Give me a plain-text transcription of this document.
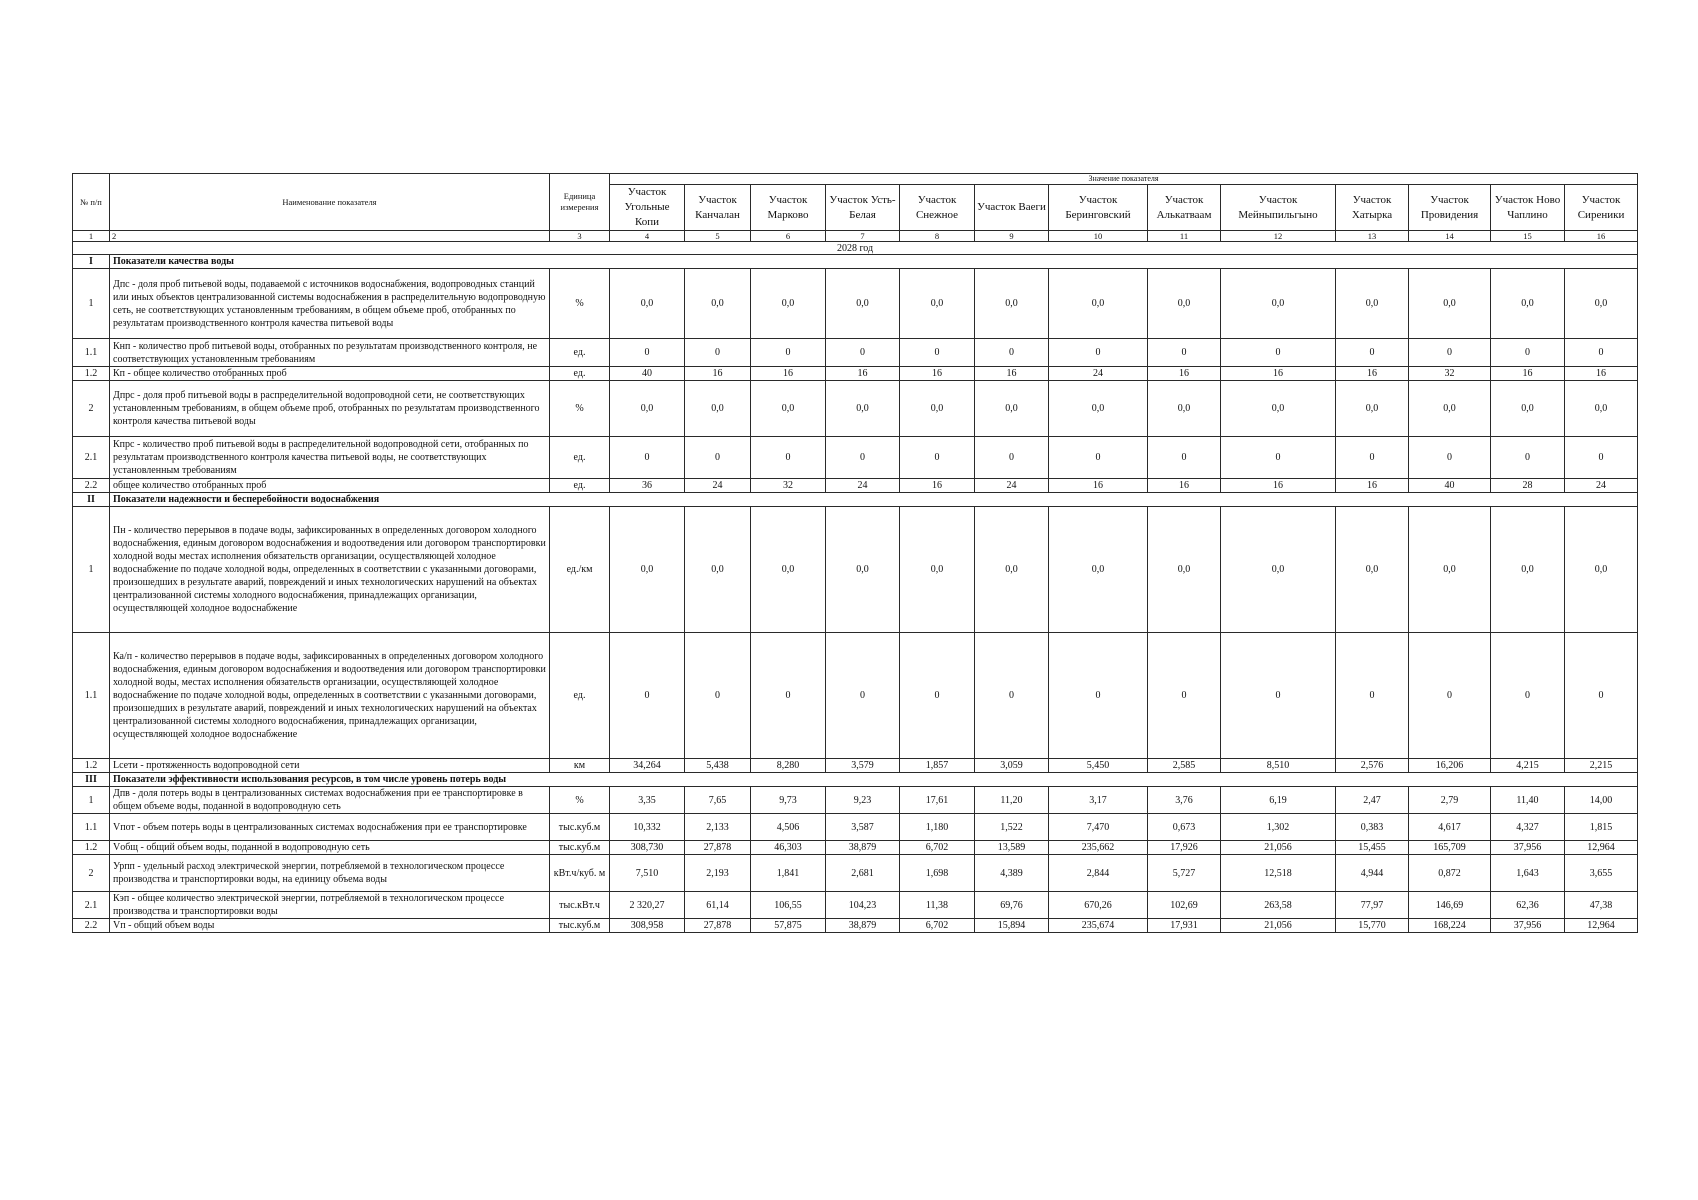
№ п/п	Наименование показателя	Единица измерения	Значение показателя												
			Участок Угольные Копи	Участок Канчалан	Участок Марково	Участок Усть-Белая	Участок Снежное	Участок Ваеги	Участок Беринговский	Участок Алькатваам	Участок Мейныпильгыно	Участок Хатырка	Участок Провидения	Участок Ново Чаплино	Участок Сиреники
1	2	3	4	5	6	7	8	9	10	11	12	13	14	15	16
2028 год															
I	Показатели качества воды														
1	Дпс - доля проб питьевой воды, подаваемой с источников водоснабжения, водопроводных станций или иных объектов централизованной системы водоснабжения в распределительную водопроводную сеть, не соответствующих установленным требованиям, в общем объеме проб, отобранных по результатам производственного контроля качества питьевой воды	%	0,0	0,0	0,0	0,0	0,0	0,0	0,0	0,0	0,0	0,0	0,0	0,0	0,0
1.1	Кнп - количество проб питьевой воды, отобранных по результатам производственного контроля, не соответствующих установленным требованиям	ед.	0	0	0	0	0	0	0	0	0	0	0	0	0
1.2	Кп - общее количество отобранных проб	ед.	40	16	16	16	16	16	24	16	16	16	32	16	16
2	Дпрс - доля проб питьевой воды в распределительной водопроводной сети, не соответствующих установленным требованиям, в общем объеме проб, отобранных по результатам производственного контроля качества питьевой воды	%	0,0	0,0	0,0	0,0	0,0	0,0	0,0	0,0	0,0	0,0	0,0	0,0	0,0
2.1	Кпрс - количество проб питьевой воды в распределительной водопроводной сети, отобранных по результатам производственного контроля качества питьевой воды, не соответствующих установленным требованиям	ед.	0	0	0	0	0	0	0	0	0	0	0	0	0
2.2	общее количество отобранных проб	ед.	36	24	32	24	16	24	16	16	16	16	40	28	24
II	Показатели надежности и бесперебойности водоснабжения														
1	Пн - количество перерывов в подаче воды, зафиксированных в определенных договором холодного водоснабжения, единым договором водоснабжения и водоотведения или договором транспортировки холодной воды местах исполнения обязательств организации, осуществляющей холодное водоснабжение по подаче холодной воды, определенных в соответствии с указанными договорами, произошедших в результате аварий, повреждений и иных технологических нарушений на объектах централизованной системы холодного водоснабжения, принадлежащих организации, осуществляющей холодное водоснабжение	ед./км	0,0	0,0	0,0	0,0	0,0	0,0	0,0	0,0	0,0	0,0	0,0	0,0	0,0
1.1	Ка/п - количество перерывов в подаче воды, зафиксированных в определенных договором холодного водоснабжения, единым договором водоснабжения и водоотведения или договором транспортировки холодной воды, местах исполнения обязательств организации, осуществляющей холодное водоснабжение по подаче холодной воды, определенных в соответствии с указанными договорами, произошедших в результате аварий, повреждений и иных технологических нарушений на объектах централизованной системы холодного водоснабжения, принадлежащих организации, осуществляющей холодное водоснабжение	ед.	0	0	0	0	0	0	0	0	0	0	0	0	0
1.2	Lсети - протяженность водопроводной сети	км	34,264	5,438	8,280	3,579	1,857	3,059	5,450	2,585	8,510	2,576	16,206	4,215	2,215
III	Показатели эффективности использования ресурсов, в том числе уровень потерь воды														
1	Дпв - доля потерь воды в централизованных системах водоснабжения при ее транспортировке в общем объеме воды, поданной в водопроводную сеть	%	3,35	7,65	9,73	9,23	17,61	11,20	3,17	3,76	6,19	2,47	2,79	11,40	14,00
1.1	Vпот - объем потерь воды в централизованных системах водоснабжения при ее транспортировке	тыс.куб.м	10,332	2,133	4,506	3,587	1,180	1,522	7,470	0,673	1,302	0,383	4,617	4,327	1,815
1.2	Vобщ - общий объем воды, поданной в водопроводную сеть	тыс.куб.м	308,730	27,878	46,303	38,879	6,702	13,589	235,662	17,926	21,056	15,455	165,709	37,956	12,964
2	Урпп - удельный расход электрической энергии, потребляемой в технологическом процессе производства и транспортировки воды, на единицу объема воды	кВт.ч/куб. м	7,510	2,193	1,841	2,681	1,698	4,389	2,844	5,727	12,518	4,944	0,872	1,643	3,655
2.1	Кэп - общее количество электрической энергии, потребляемой в технологическом процессе производства и транспортировки воды	тыс.кВт.ч	2 320,27	61,14	106,55	104,23	11,38	69,76	670,26	102,69	263,58	77,97	146,69	62,36	47,38
2.2	Vп - общий объем воды	тыс.куб.м	308,958	27,878	57,875	38,879	6,702	15,894	235,674	17,931	21,056	15,770	168,224	37,956	12,964
